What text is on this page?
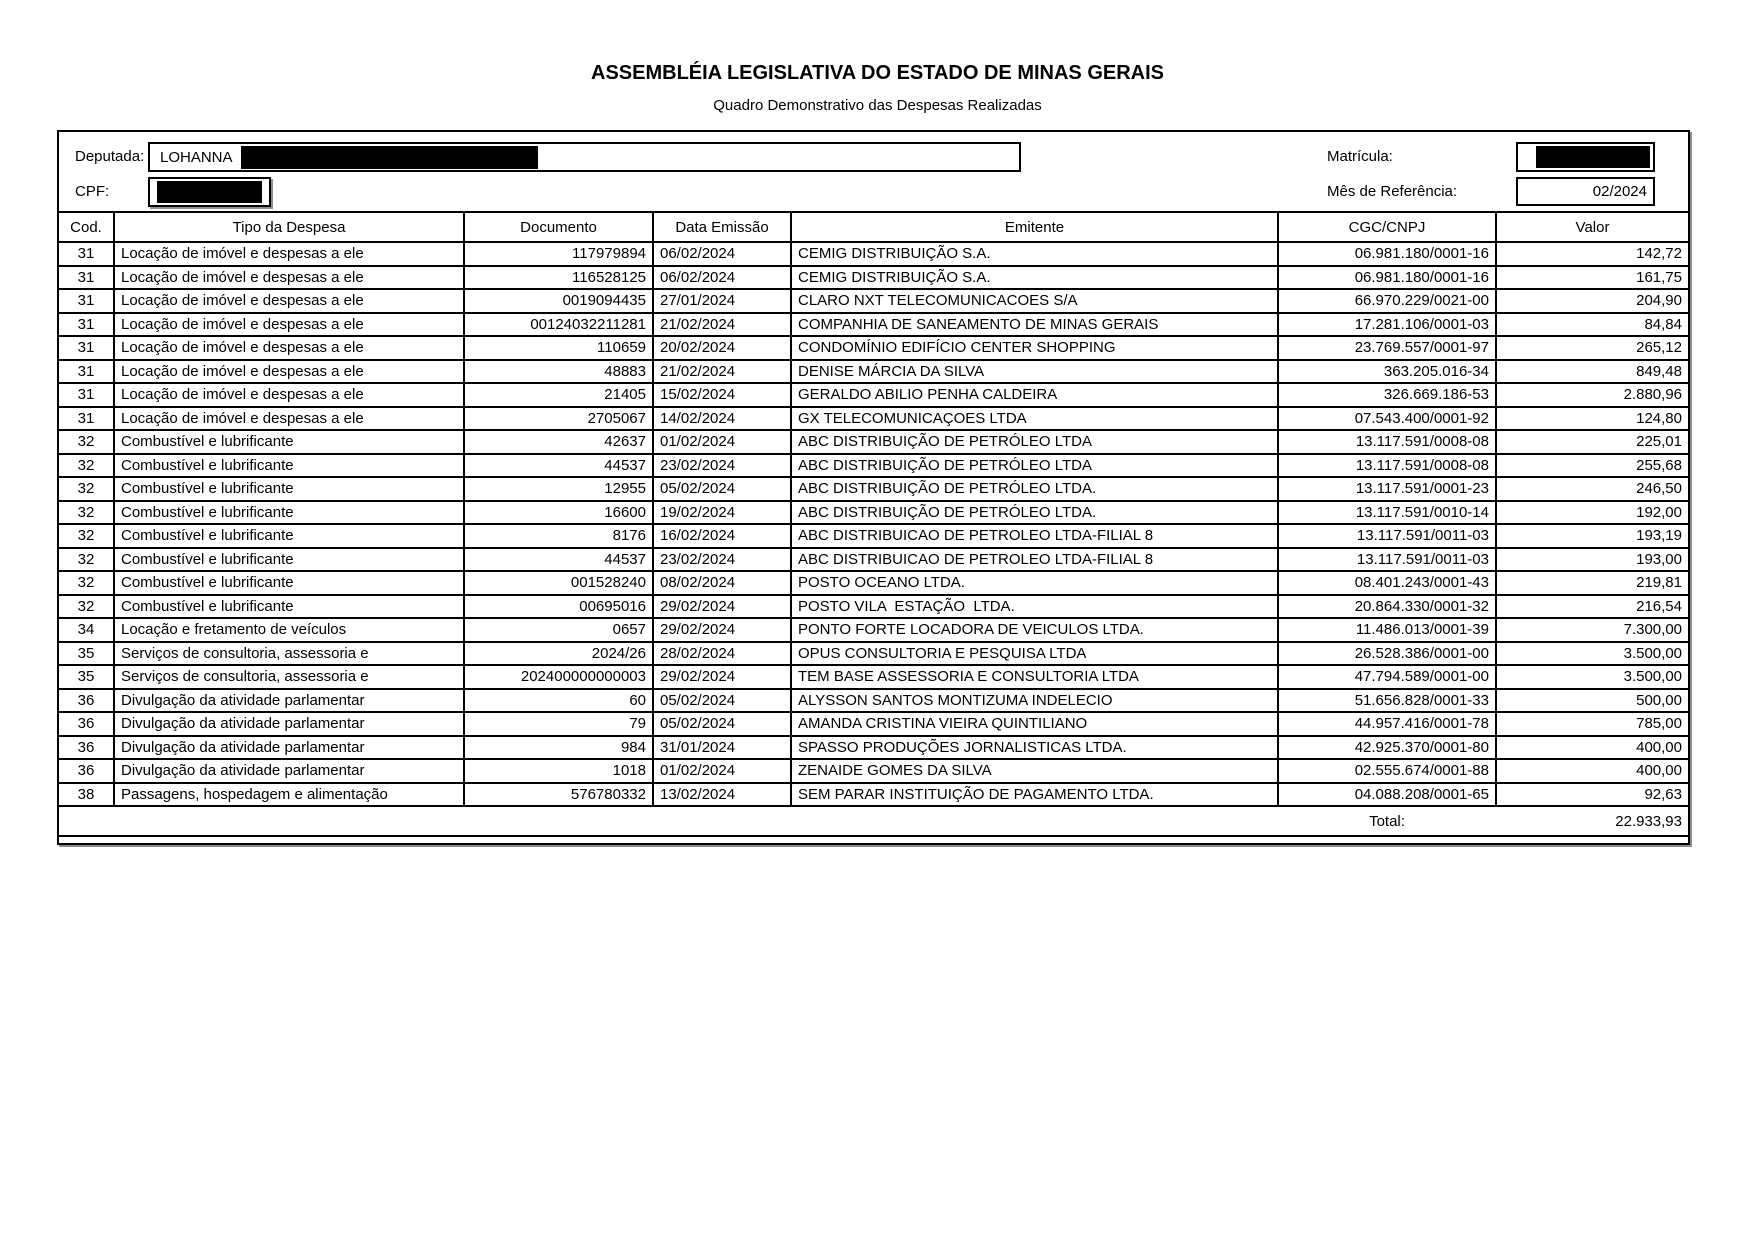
ASSEMBLÉIA LEGISLATIVA DO ESTADO DE MINAS GERAIS
Quadro Demonstrativo das Despesas Realizadas
Deputada: LOHANNA	Matrícula:
CPF:	Mês de Referência:	02/2024
Cod.	Tipo da Despesa	Documento	Data Emissão	Emitente	CGC/CNPJ	Valor
31	Locação de imóvel e despesas a ele	117979894	06/02/2024	CEMIG DISTRIBUIÇÃO S.A.	06.981.180/0001-16	142,72
31	Locação de imóvel e despesas a ele	116528125	06/02/2024	CEMIG DISTRIBUIÇÃO S.A.	06.981.180/0001-16	161,75
31	Locação de imóvel e despesas a ele	0019094435	27/01/2024	CLARO NXT TELECOMUNICACOES S/A	66.970.229/0021-00	204,90
31	Locação de imóvel e despesas a ele	00124032211281	21/02/2024	COMPANHIA DE SANEAMENTO DE MINAS GERAIS	17.281.106/0001-03	84,84
31	Locação de imóvel e despesas a ele	110659	20/02/2024	CONDOMÍNIO EDIFÍCIO CENTER SHOPPING	23.769.557/0001-97	265,12
31	Locação de imóvel e despesas a ele	48883	21/02/2024	DENISE MÁRCIA DA SILVA	363.205.016-34	849,48
31	Locação de imóvel e despesas a ele	21405	15/02/2024	GERALDO ABILIO PENHA CALDEIRA	326.669.186-53	2.880,96
31	Locação de imóvel e despesas a ele	2705067	14/02/2024	GX TELECOMUNICAÇOES LTDA	07.543.400/0001-92	124,80
32	Combustível e lubrificante	42637	01/02/2024	ABC DISTRIBUIÇÃO DE PETRÓLEO LTDA	13.117.591/0008-08	225,01
32	Combustível e lubrificante	44537	23/02/2024	ABC DISTRIBUIÇÃO DE PETRÓLEO LTDA	13.117.591/0008-08	255,68
32	Combustível e lubrificante	12955	05/02/2024	ABC DISTRIBUIÇÃO DE PETRÓLEO LTDA.	13.117.591/0001-23	246,50
32	Combustível e lubrificante	16600	19/02/2024	ABC DISTRIBUIÇÃO DE PETRÓLEO LTDA.	13.117.591/0010-14	192,00
32	Combustível e lubrificante	8176	16/02/2024	ABC DISTRIBUICAO DE PETROLEO LTDA-FILIAL 8	13.117.591/0011-03	193,19
32	Combustível e lubrificante	44537	23/02/2024	ABC DISTRIBUICAO DE PETROLEO LTDA-FILIAL 8	13.117.591/0011-03	193,00
32	Combustível e lubrificante	001528240	08/02/2024	POSTO OCEANO LTDA.	08.401.243/0001-43	219,81
32	Combustível e lubrificante	00695016	29/02/2024	POSTO VILA  ESTAÇÃO  LTDA.	20.864.330/0001-32	216,54
34	Locação e fretamento de veículos	0657	29/02/2024	PONTO FORTE LOCADORA DE VEICULOS LTDA.	11.486.013/0001-39	7.300,00
35	Serviços de consultoria, assessoria e	2024/26	28/02/2024	OPUS CONSULTORIA E PESQUISA LTDA	26.528.386/0001-00	3.500,00
35	Serviços de consultoria, assessoria e	202400000000003	29/02/2024	TEM BASE ASSESSORIA E CONSULTORIA LTDA	47.794.589/0001-00	3.500,00
36	Divulgação da atividade parlamentar	60	05/02/2024	ALYSSON SANTOS MONTIZUMA INDELECIO	51.656.828/0001-33	500,00
36	Divulgação da atividade parlamentar	79	05/02/2024	AMANDA CRISTINA VIEIRA QUINTILIANO	44.957.416/0001-78	785,00
36	Divulgação da atividade parlamentar	984	31/01/2024	SPASSO PRODUÇÕES JORNALISTICAS LTDA.	42.925.370/0001-80	400,00
36	Divulgação da atividade parlamentar	1018	01/02/2024	ZENAIDE GOMES DA SILVA	02.555.674/0001-88	400,00
38	Passagens, hospedagem e alimentação	576780332	13/02/2024	SEM PARAR INSTITUIÇÃO DE PAGAMENTO LTDA.	04.088.208/0001-65	92,63
					Total:	22.933,93
